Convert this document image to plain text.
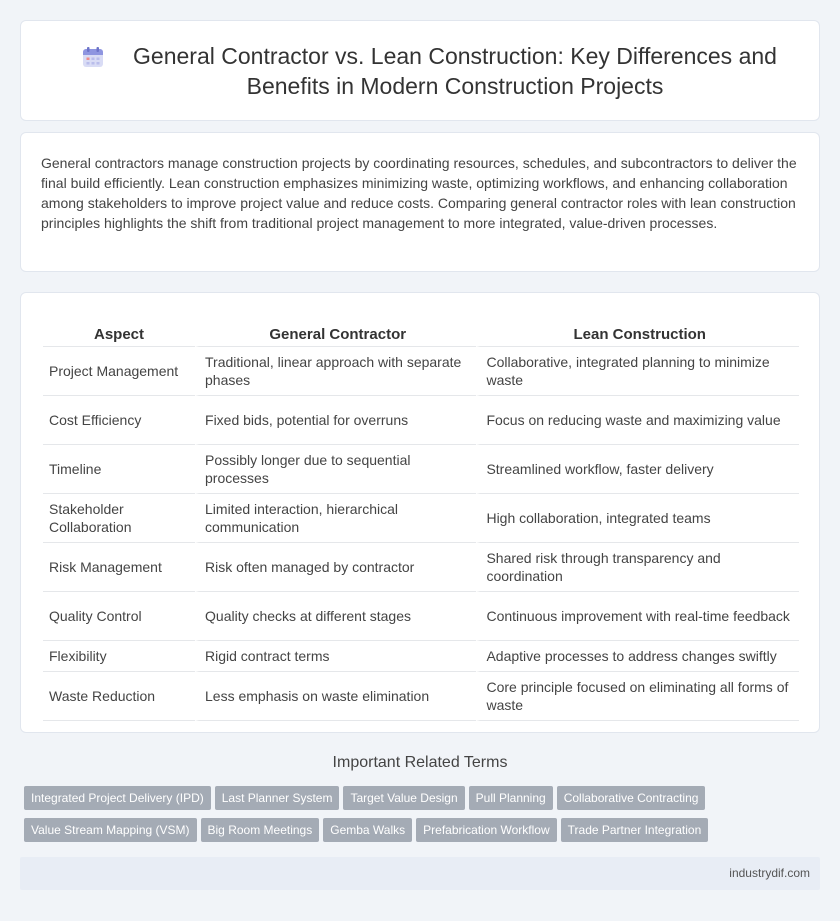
General Contractor vs. Lean Construction: Key Differences and Benefits in Modern Construction Projects

General contractors manage construction projects by coordinating resources, schedules, and subcontractors to deliver the final build efficiently. Lean construction emphasizes minimizing waste, optimizing workflows, and enhancing collaboration among stakeholders to improve project value and reduce costs. Comparing general contractor roles with lean construction principles highlights the shift from traditional project management to more integrated, value-driven processes.

Aspect	General Contractor	Lean Construction
Project Management	Traditional, linear approach with separate phases	Collaborative, integrated planning to minimize waste
Cost Efficiency	Fixed bids, potential for overruns	Focus on reducing waste and maximizing value
Timeline	Possibly longer due to sequential processes	Streamlined workflow, faster delivery
Stakeholder Collaboration	Limited interaction, hierarchical communication	High collaboration, integrated teams
Risk Management	Risk often managed by contractor	Shared risk through transparency and coordination
Quality Control	Quality checks at different stages	Continuous improvement with real-time feedback
Flexibility	Rigid contract terms	Adaptive processes to address changes swiftly
Waste Reduction	Less emphasis on waste elimination	Core principle focused on eliminating all forms of waste
Important Related Terms
Integrated Project Delivery (IPD) Last Planner System Target Value Design Pull Planning Collaborative Contracting
Value Stream Mapping (VSM) Big Room Meetings Gemba Walks Prefabrication Workflow Trade Partner Integration
industrydif.com
